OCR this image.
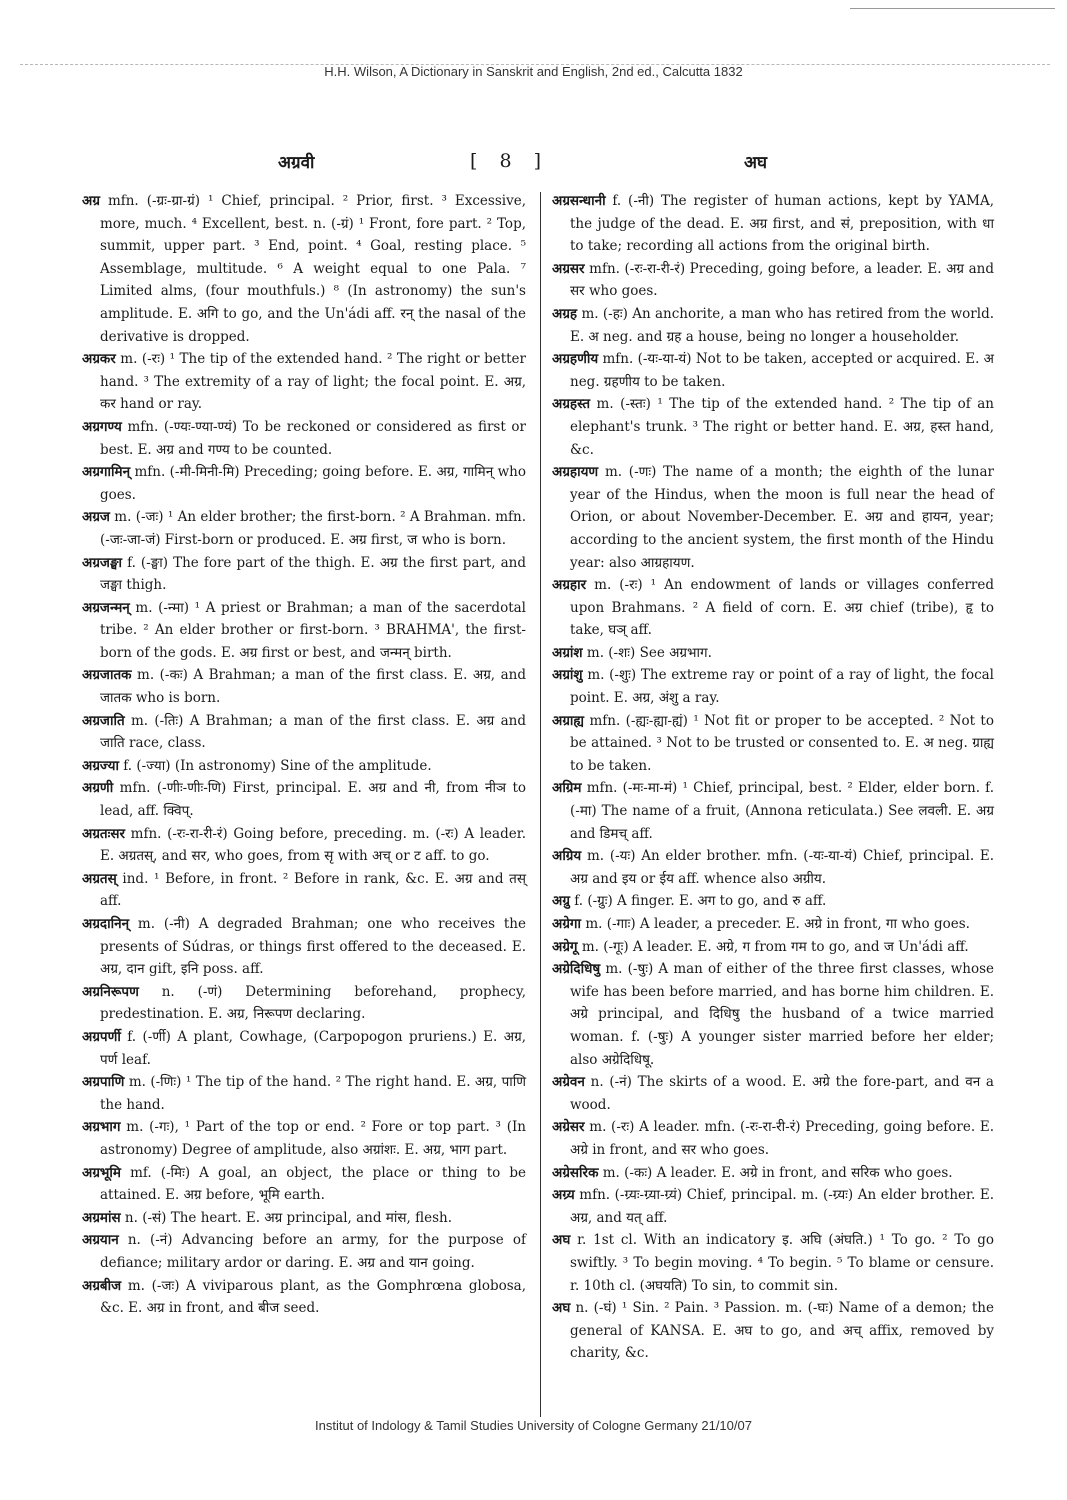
H.H. Wilson, A Dictionary in Sanskrit and English, 2nd ed., Calcutta 1832
अग्रवी	[ 8 ]	अघ

अग्र mfn. (-ग्रः-ग्रा-ग्रं) ¹ Chief, principal. ² Prior, first. ³ Excessive, more, much. ⁴ Excellent, best. n. (-ग्रं) ¹ Front, fore part. ² Top, summit, upper part. ³ End, point. ⁴ Goal, resting place. ⁵ Assemblage, multitude. ⁶ A weight equal to one Pala. ⁷ Limited alms, (four mouthfuls.) ⁸ (In astronomy) the sun's amplitude. E. अगि to go, and the Un'ádi aff. रन् the nasal of the derivative is dropped.

अग्रकर m. (-रः) ¹ The tip of the extended hand. ² The right or better hand. ³ The extremity of a ray of light; the focal point. E. अग्र, कर hand or ray.

अग्रगण्य mfn. (-ण्यः-ण्या-ण्यं) To be reckoned or considered as first or best. E. अग्र and गण्य to be counted.

अग्रगामिन् mfn. (-मी-मिनी-मि) Preceding; going before. E. अग्र, गामिन् who goes.

अग्रज m. (-जः) ¹ An elder brother; the first-born. ² A Brahman. mfn. (-जः-जा-जं) First-born or produced. E. अग्र first, ज who is born.

अग्रजङ्घा f. (-ङ्घा) The fore part of the thigh. E. अग्र the first part, and जङ्घा thigh.

अग्रजन्मन् m. (-न्मा) ¹ A priest or Brahman; a man of the sacerdotal tribe. ² An elder brother or first-born. ³ BRAHMA', the first-born of the gods. E. अग्र first or best, and जन्मन् birth.

अग्रजातक m. (-कः) A Brahman; a man of the first class. E. अग्र, and जातक who is born.

अग्रजाति m. (-तिः) A Brahman; a man of the first class. E. अग्र and जाति race, class.

अग्रज्या f. (-ज्या) (In astronomy) Sine of the amplitude.

अग्रणी mfn. (-णीः-णीः-णि) First, principal. E. अग्र and नी, from नीञ to lead, aff. क्विप्.

अग्रतःसर mfn. (-रः-रा-री-रं) Going before, preceding. m. (-रः) A leader. E. अग्रतस्, and सर, who goes, from सृ with अच् or ट aff. to go.

अग्रतस् ind. ¹ Before, in front. ² Before in rank, &c. E. अग्र and तस् aff.

अग्रदानिन् m. (-नी) A degraded Brahman; one who receives the presents of Súdras, or things first offered to the deceased. E. अग्र, दान gift, इनि poss. aff.

अग्रनिरूपण n. (-णं) Determining beforehand, prophecy, predestination. E. अग्र, निरूपण declaring.

अग्रपर्णी f. (-र्णी) A plant, Cowhage, (Carpopogon pruriens.) E. अग्र, पर्ण leaf.

अग्रपाणि m. (-णिः) ¹ The tip of the hand. ² The right hand. E. अग्र, पाणि the hand.

अग्रभाग m. (-गः), ¹ Part of the top or end. ² Fore or top part. ³ (In astronomy) Degree of amplitude, also अग्रांशः. E. अग्र, भाग part.

अग्रभूमि mf. (-मिः) A goal, an object, the place or thing to be attained. E. अग्र before, भूमि earth.

अग्रमांस n. (-सं) The heart. E. अग्र principal, and मांस, flesh.

अग्रयान n. (-नं) Advancing before an army, for the purpose of defiance; military ardor or daring. E. अग्र and यान going.

अग्रबीज m. (-जः) A viviparous plant, as the Gomphrœna globosa, &c. E. अग्र in front, and बीज seed.

अग्रसन्धानी f. (-नी) The register of human actions, kept by YAMA, the judge of the dead. E. अग्र first, and सं, preposition, with धा to take; recording all actions from the original birth.

अग्रसर mfn. (-रः-रा-री-रं) Preceding, going before, a leader. E. अग्र and सर who goes.

अग्रह m. (-हः) An anchorite, a man who has retired from the world. E. अ neg. and ग्रह a house, being no longer a householder.

अग्रहणीय mfn. (-यः-या-यं) Not to be taken, accepted or acquired. E. अ neg. ग्रहणीय to be taken.

अग्रहस्त m. (-स्तः) ¹ The tip of the extended hand. ² The tip of an elephant's trunk. ³ The right or better hand. E. अग्र, हस्त hand, &c.

अग्रहायण m. (-णः) The name of a month; the eighth of the lunar year of the Hindus, when the moon is full near the head of Orion, or about November-December. E. अग्र and हायन, year; according to the ancient system, the first month of the Hindu year: also आग्रहायण.

अग्रहार m. (-रः) ¹ An endowment of lands or villages conferred upon Brahmans. ² A field of corn. E. अग्र chief (tribe), हृ to take, घञ् aff.

अग्रांश m. (-शः) See अग्रभाग.

अग्रांशु m. (-शुः) The extreme ray or point of a ray of light, the focal point. E. अग्र, अंशु a ray.

अग्राह्य mfn. (-ह्यः-ह्या-ह्यं) ¹ Not fit or proper to be accepted. ² Not to be attained. ³ Not to be trusted or consented to. E. अ neg. ग्राह्य to be taken.

अग्रिम mfn. (-मः-मा-मं) ¹ Chief, principal, best. ² Elder, elder born. f. (-मा) The name of a fruit, (Annona reticulata.) See लवली. E. अग्र and डिमच् aff.

अग्रिय m. (-यः) An elder brother. mfn. (-यः-या-यं) Chief, principal. E. अग्र and इय or ईय aff. whence also अग्रीय.

अग्रु f. (-ग्रुः) A finger. E. अग to go, and रु aff.

अग्रेगा m. (-गाः) A leader, a preceder. E. अग्रे in front, गा who goes.

अग्रेगू m. (-गूः) A leader. E. अग्रे, ग from गम to go, and ज Un'ádi aff.

अग्रेदिधिषु m. (-षुः) A man of either of the three first classes, whose wife has been before married, and has borne him children. E. अग्रे principal, and दिधिषु the husband of a twice married woman. f. (-षुः) A younger sister married before her elder; also अग्रेदिधिषू.

अग्रेवन n. (-नं) The skirts of a wood. E. अग्रे the fore-part, and वन a wood.

अग्रेसर m. (-रः) A leader. mfn. (-रः-रा-री-रं) Preceding, going before. E. अग्रे in front, and सर who goes.

अग्रेसरिक m. (-कः) A leader. E. अग्रे in front, and सरिक who goes.

अग्र्य mfn. (-ग्र्यः-ग्र्या-ग्र्यं) Chief, principal. m. (-ग्र्यः) An elder brother. E. अग्र, and यत् aff.

अघ r. 1st cl. With an indicatory इ. अघि (अंघति.) ¹ To go. ² To go swiftly. ³ To begin moving. ⁴ To begin. ⁵ To blame or censure. r. 10th cl. (अघयति) To sin, to commit sin.

अघ n. (-घं) ¹ Sin. ² Pain. ³ Passion. m. (-घः) Name of a demon; the general of KANSA. E. अघ to go, and अच् affix, removed by charity, &c.

Institut of Indology & Tamil Studies University of Cologne Germany 21/10/07
